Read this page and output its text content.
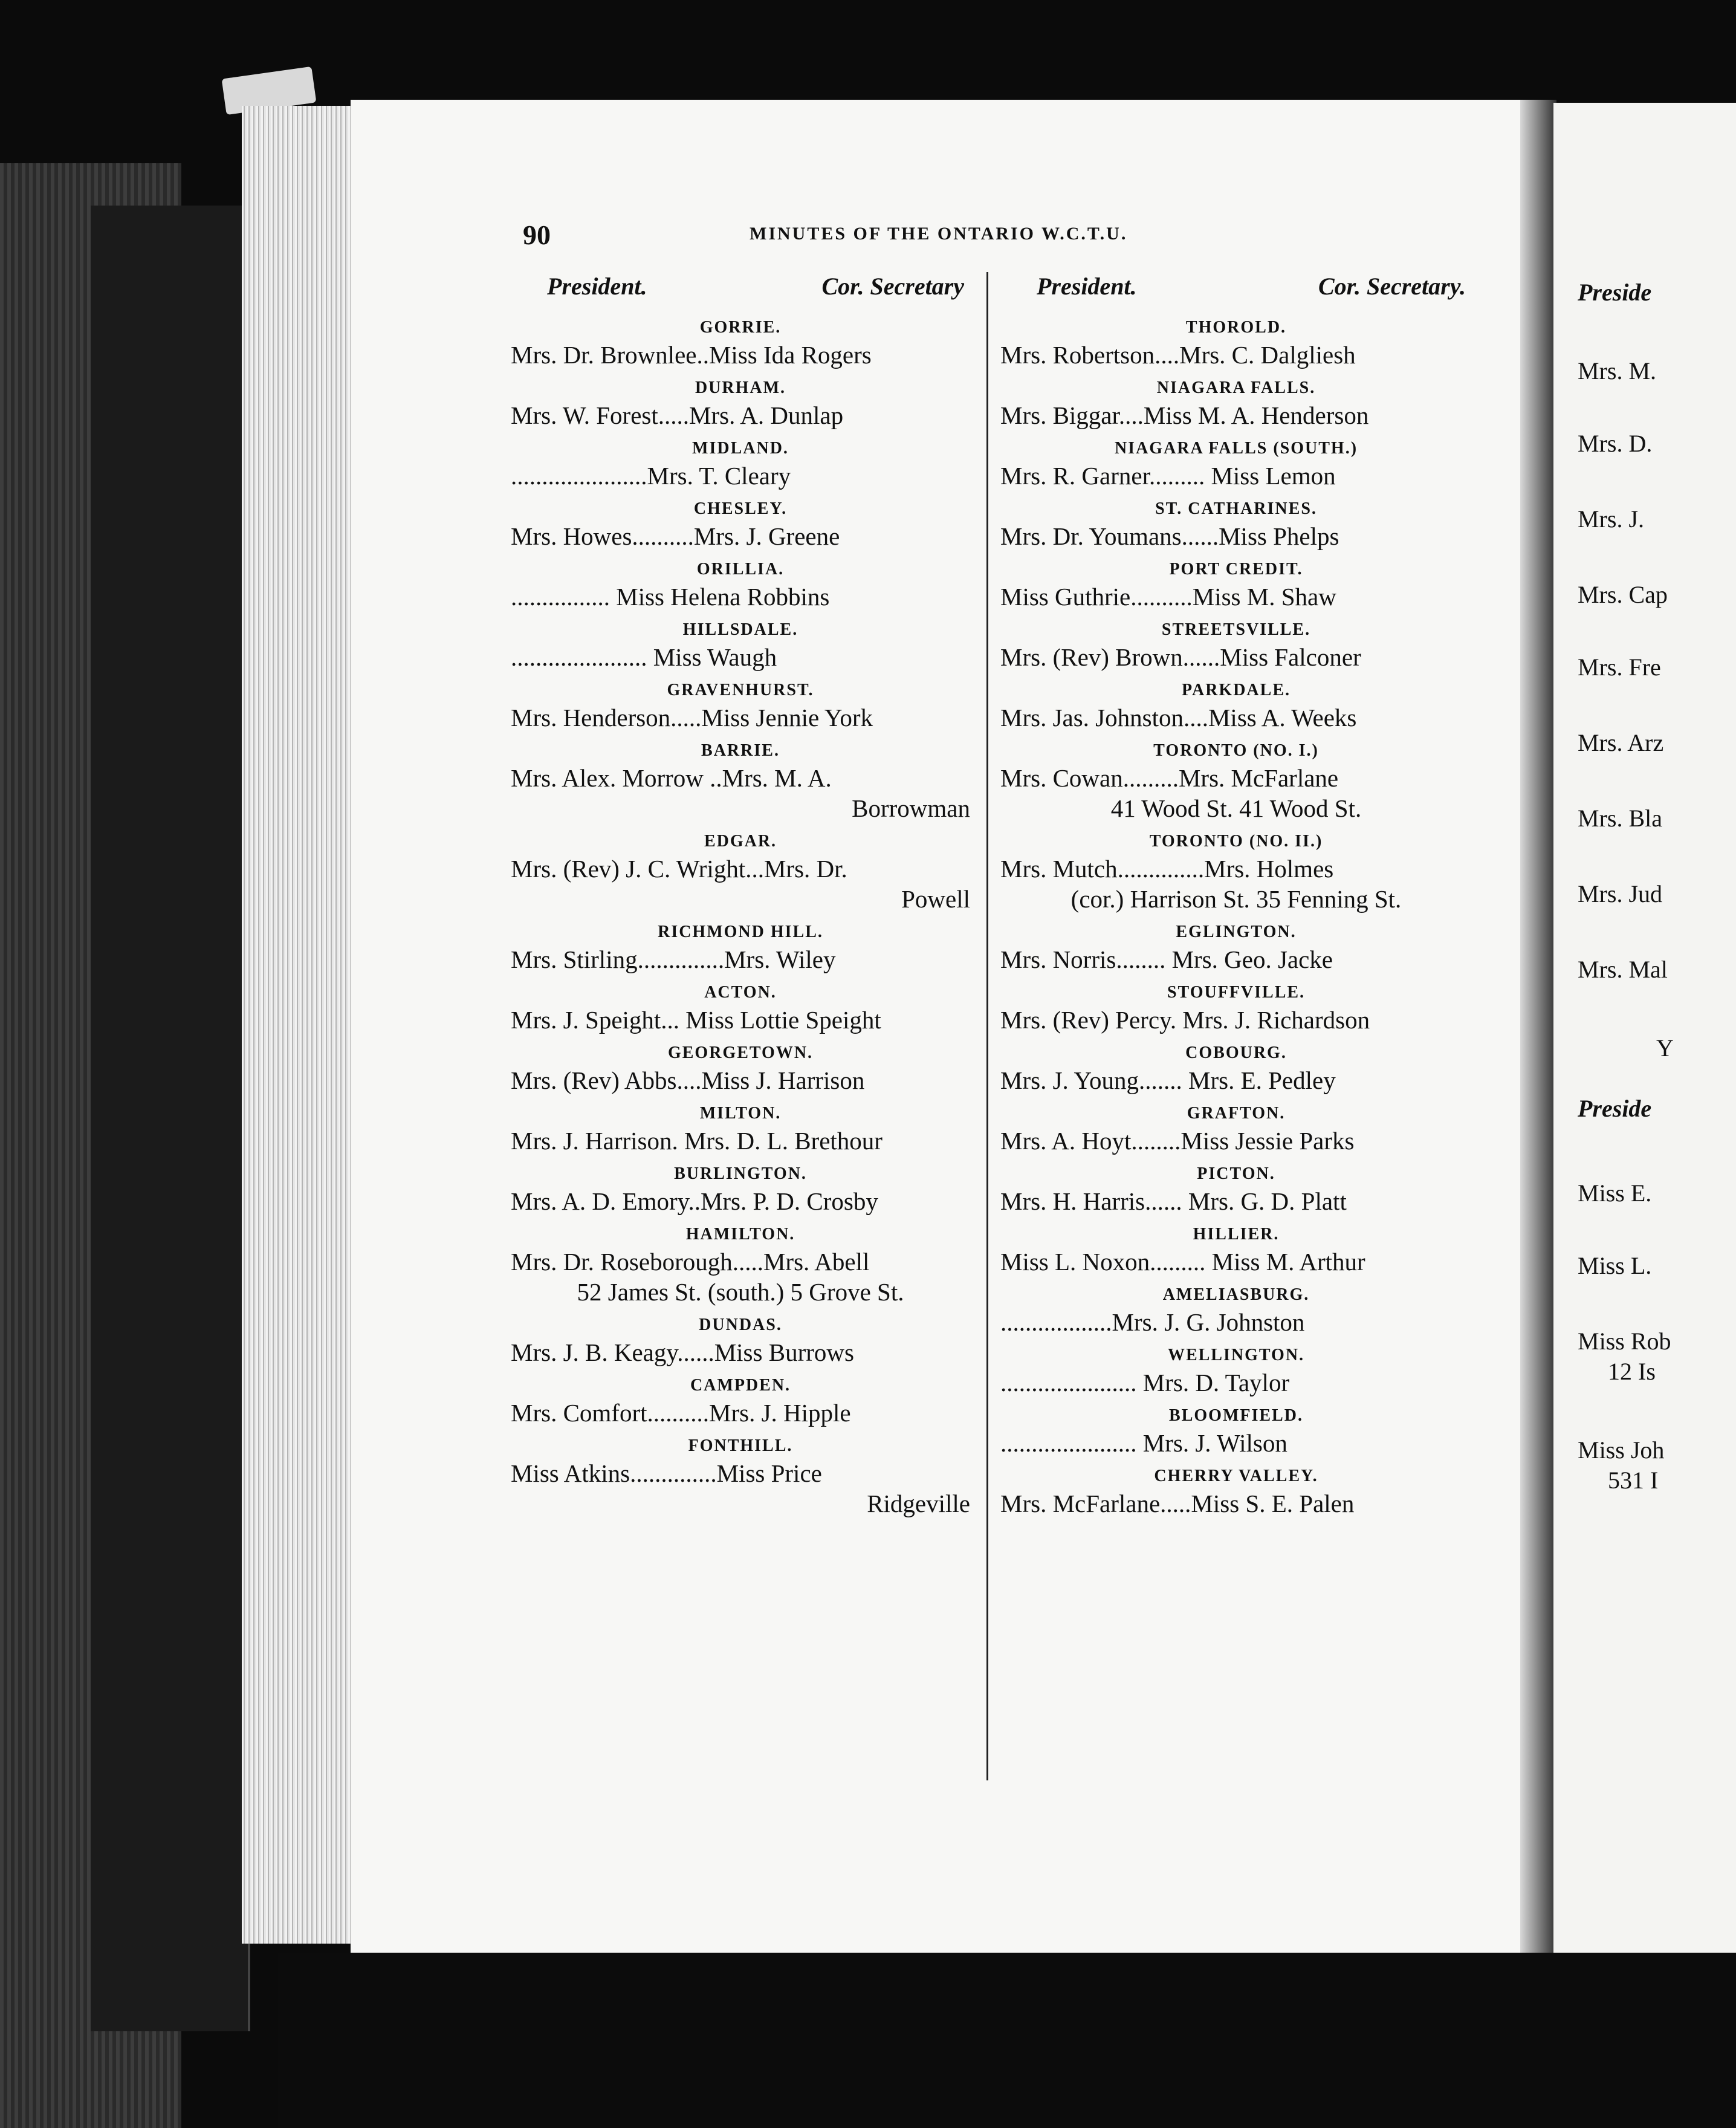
90	MINUTES OF THE ONTARIO W.C.T.U.
President.	Cor. Secretary
GORRIE.
Mrs. Dr. Brownlee..Miss Ida Rogers
DURHAM.
Mrs. W. Forest.....Mrs. A. Dunlap
MIDLAND.
......................Mrs. T. Cleary
CHESLEY.
Mrs. Howes..........Mrs. J. Greene
ORILLIA.
................ Miss Helena Robbins
HILLSDALE.
...................... Miss Waugh
GRAVENHURST.
Mrs. Henderson.....Miss Jennie York
BARRIE.
Mrs. Alex. Morrow ..Mrs. M. A.
Borrowman
EDGAR.
Mrs. (Rev) J. C. Wright...Mrs. Dr.
Powell
RICHMOND HILL.
Mrs. Stirling..............Mrs. Wiley
ACTON.
Mrs. J. Speight... Miss Lottie Speight
GEORGETOWN.
Mrs. (Rev) Abbs....Miss J. Harrison
MILTON.
Mrs. J. Harrison. Mrs. D. L. Brethour
BURLINGTON.
Mrs. A. D. Emory..Mrs. P. D. Crosby
HAMILTON.
Mrs. Dr. Roseborough.....Mrs. Abell
52 James St. (south.) 5 Grove St.
DUNDAS.
Mrs. J. B. Keagy......Miss Burrows
CAMPDEN.
Mrs. Comfort..........Mrs. J. Hipple
FONTHILL.
Miss Atkins..............Miss Price
Ridgeville
President.	Cor. Secretary.
THOROLD.
Mrs. Robertson....Mrs. C. Dalgliesh
NIAGARA FALLS.
Mrs. Biggar....Miss M. A. Henderson
NIAGARA FALLS (SOUTH.)
Mrs. R. Garner......... Miss Lemon
ST. CATHARINES.
Mrs. Dr. Youmans......Miss Phelps
PORT CREDIT.
Miss Guthrie..........Miss M. Shaw
STREETSVILLE.
Mrs. (Rev) Brown......Miss Falconer
PARKDALE.
Mrs. Jas. Johnston....Miss A. Weeks
TORONTO (NO. I.)
Mrs. Cowan.........Mrs. McFarlane
41 Wood St. 41 Wood St.
TORONTO (NO. II.)
Mrs. Mutch..............Mrs. Holmes
(cor.) Harrison St. 35 Fenning St.
EGLINGTON.
Mrs. Norris........ Mrs. Geo. Jacke
STOUFFVILLE.
Mrs. (Rev) Percy. Mrs. J. Richardson
COBOURG.
Mrs. J. Young....... Mrs. E. Pedley
GRAFTON.
Mrs. A. Hoyt........Miss Jessie Parks
PICTON.
Mrs. H. Harris...... Mrs. G. D. Platt
HILLIER.
Miss L. Noxon......... Miss M. Arthur
AMELIASBURG.
..................Mrs. J. G. Johnston
WELLINGTON.
...................... Mrs. D. Taylor
BLOOMFIELD.
...................... Mrs. J. Wilson
CHERRY VALLEY.
Mrs. McFarlane.....Miss S. E. Palen
Preside
Mrs. M.
Mrs. D.
Mrs. J.
Mrs. Cap
Mrs. Fre
Mrs. Arz
Mrs. Bla
Mrs. Jud
Mrs. Mal
Y
Preside
Miss E.
Miss L.
Miss Rob
12 Is
Miss Joh
531 I
